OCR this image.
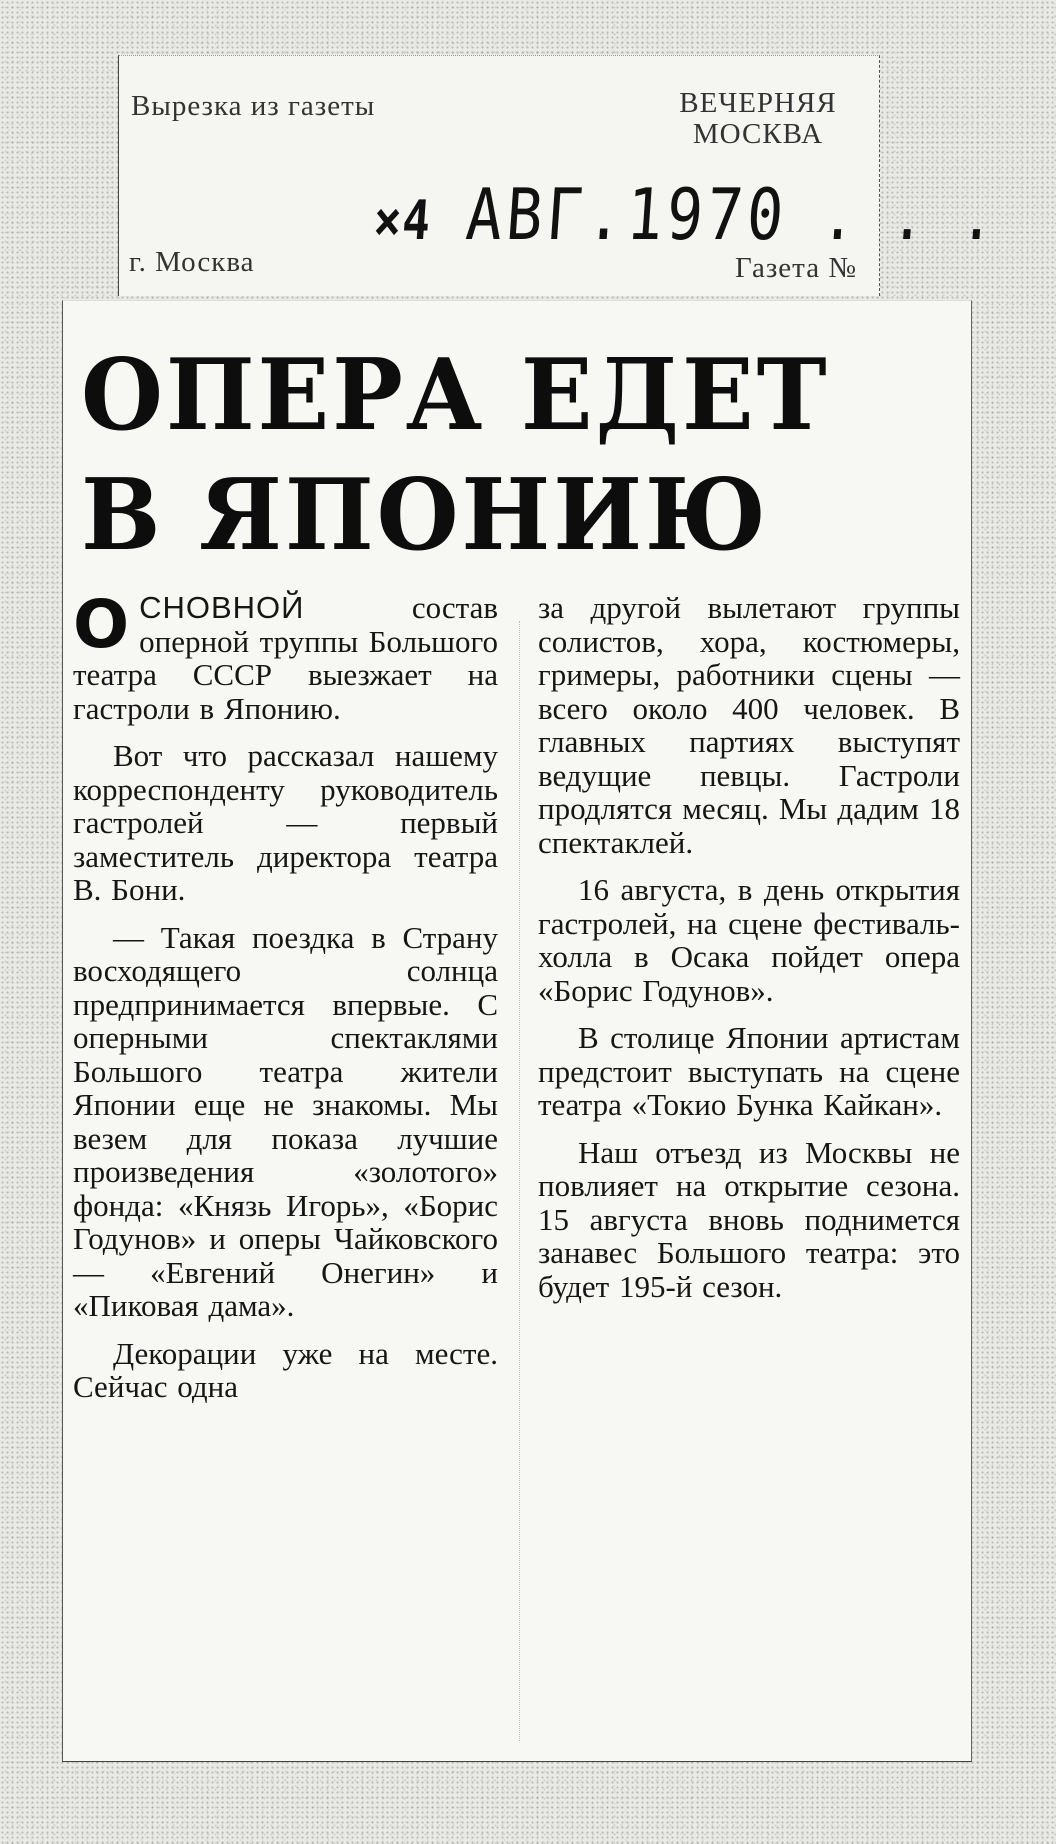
Вырезка из газеты	ВЕЧЕРНЯЯ
МОСКВА
г. Москва	Газета №
×4 АВГ.1970 . . .
ОПЕРА ЕДЕТ
В ЯПОНИЮ

ОСНОВНОЙ	состав оперной труппы Большого театра СССР выезжает на гастроли в Японию.

Вот что рассказал нашему корреспонденту руководитель гастролей — первый заместитель директора театра В. Бони.

— Такая поездка в Страну восходящего солнца предпринимается впервые. С оперными спектаклями Большого театра жители Японии еще не знакомы. Мы везем для показа лучшие произведения «золотого» фонда: «Князь Игорь», «Борис Годунов» и оперы Чайковского — «Евгений Онегин» и «Пиковая дама».

Декорации уже на месте. Сейчас одна

за другой вылетают группы солистов, хора, костюмеры, гримеры, работники сцены — всего около 400 человек. В главных партиях выступят ведущие певцы. Гастроли продлятся месяц. Мы дадим 18 спектаклей.

16 августа, в день открытия гастролей, на сцене фестиваль-холла в Осака пойдет опера «Борис Годунов».

В столице Японии артистам предстоит выступать на сцене театра «Токио Бунка Кайкан».

Наш отъезд из Москвы не повлияет на открытие сезона. 15 августа вновь поднимется занавес Большого театра: это будет 195-й сезон.
